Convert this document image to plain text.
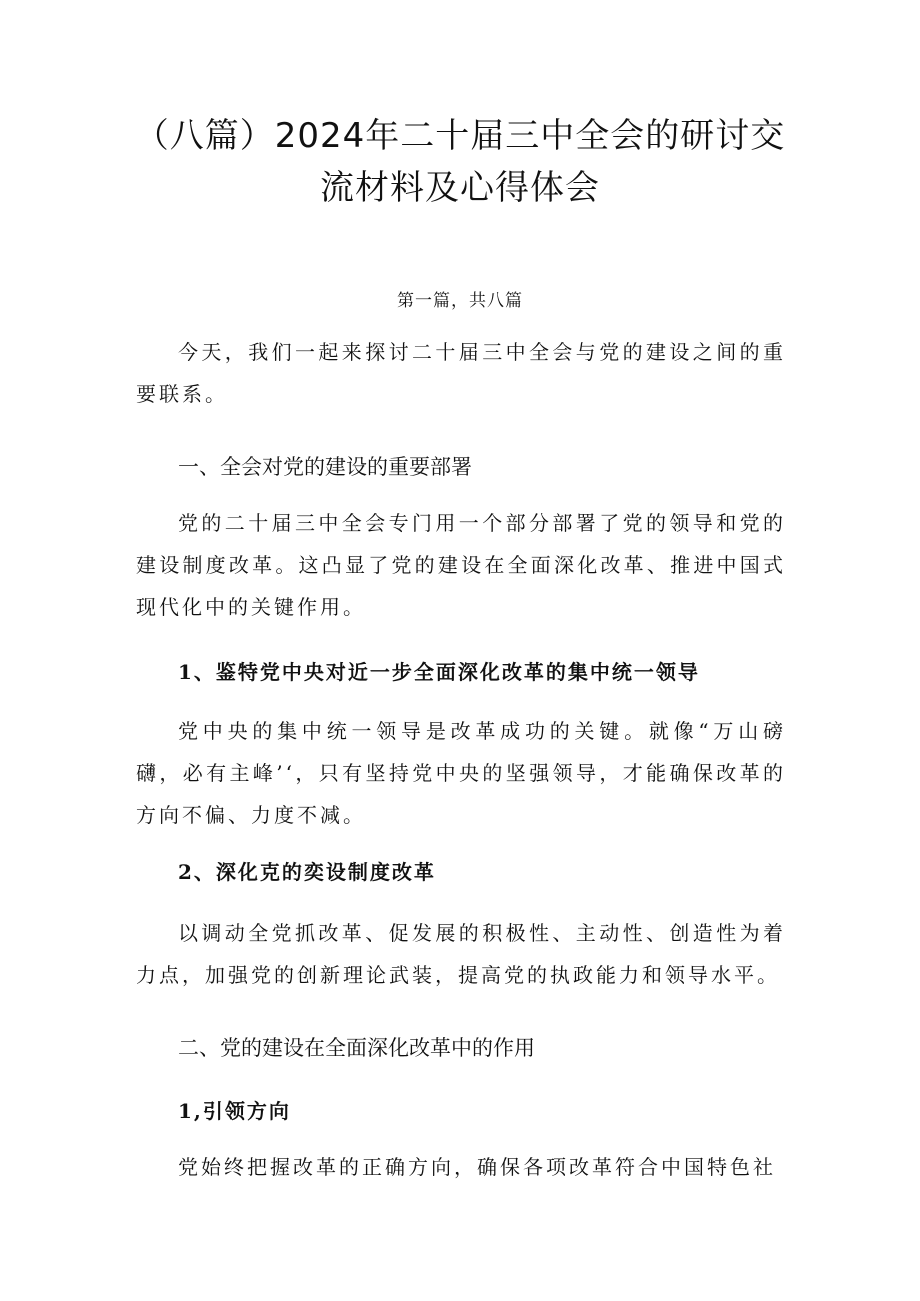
（八篇）2024年二十届三中全会的研讨交
流材料及心得体会

第一篇，共八篇

今天，我们一起来探讨二十届三中全会与党的建设之间的重要联系。

一、全会对党的建设的重要部署

党的二十届三中全会专门用一个部分部署了党的领导和党的建设制度改革。这凸显了党的建设在全面深化改革、推进中国式现代化中的关键作用。

1、鉴特党中央对近一步全面深化改革的集中统一领导

党中央的集中统一领导是改革成功的关键。就像“万山磅礴，必有主峰’‘，只有坚持党中央的坚强领导，才能确保改革的方向不偏、力度不减。

2、深化克的奕设制度改革

以调动全党抓改革、促发展的积极性、主动性、创造性为着力点，加强党的创新理论武装，提高党的执政能力和领导水平。

二、党的建设在全面深化改革中的作用
1,引领方向

党始终把握改革的正确方向，确保各项改革符合中国特色社
